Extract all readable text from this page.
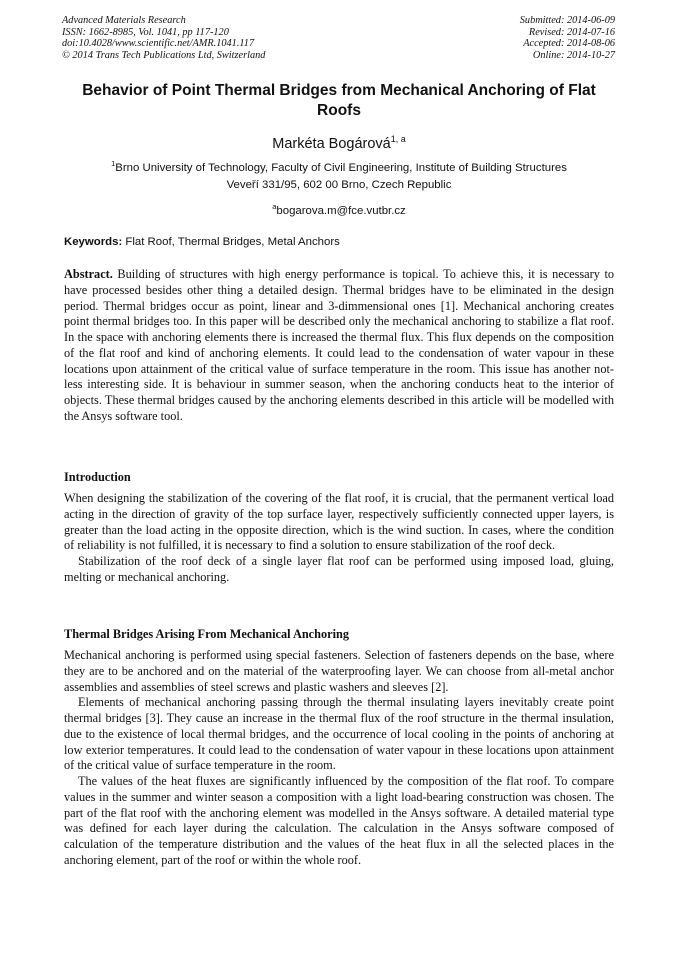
Advanced Materials Research
ISSN: 1662-8985, Vol. 1041, pp 117-120
doi:10.4028/www.scientific.net/AMR.1041.117
© 2014 Trans Tech Publications Ltd, Switzerland
Submitted: 2014-06-09
Revised: 2014-07-16
Accepted: 2014-08-06
Online: 2014-10-27
Behavior of Point Thermal Bridges from Mechanical Anchoring of Flat Roofs
Markéta Bogárová$^{1, a}$
$^1$Brno University of Technology, Faculty of Civil Engineering, Institute of Building Structures
Veveří 331/95, 602 00 Brno, Czech Republic
$^a$bogarova.m@fce.vutbr.cz
Keywords: Flat Roof, Thermal Bridges, Metal Anchors

Abstract. Building of structures with high energy performance is topical. To achieve this, it is necessary to have processed besides other thing a detailed design. Thermal bridges have to be eliminated in the design period. Thermal bridges occur as point, linear and 3-dimmensional ones [1]. Mechanical anchoring creates point thermal bridges too. In this paper will be described only the mechanical anchoring to stabilize a flat roof. In the space with anchoring elements there is increased the thermal flux. This flux depends on the composition of the flat roof and kind of anchoring elements. It could lead to the condensation of water vapour in these locations upon attainment of the critical value of surface temperature in the room. This issue has another not-less interesting side. It is behaviour in summer season, when the anchoring conducts heat to the interior of objects. These thermal bridges caused by the anchoring elements described in this article will be modelled with the Ansys software tool.

Introduction

When designing the stabilization of the covering of the flat roof, it is crucial, that the permanent vertical load acting in the direction of gravity of the top surface layer, respectively sufficiently connected upper layers, is greater than the load acting in the opposite direction, which is the wind suction. In cases, where the condition of reliability is not fulfilled, it is necessary to find a solution to ensure stabilization of the roof deck.

Stabilization of the roof deck of a single layer flat roof can be performed using imposed load, gluing, melting or mechanical anchoring.

Thermal Bridges Arising From Mechanical Anchoring

Mechanical anchoring is performed using special fasteners. Selection of fasteners depends on the base, where they are to be anchored and on the material of the waterproofing layer. We can choose from all-metal anchor assemblies and assemblies of steel screws and plastic washers and sleeves [2].

Elements of mechanical anchoring passing through the thermal insulating layers inevitably create point thermal bridges [3]. They cause an increase in the thermal flux of the roof structure in the thermal insulation, due to the existence of local thermal bridges, and the occurrence of local cooling in the points of anchoring at low exterior temperatures. It could lead to the condensation of water vapour in these locations upon attainment of the critical value of surface temperature in the room.

The values of the heat fluxes are significantly influenced by the composition of the flat roof. To compare values in the summer and winter season a composition with a light load-bearing construction was chosen. The part of the flat roof with the anchoring element was modelled in the Ansys software. A detailed material type was defined for each layer during the calculation. The calculation in the Ansys software composed of calculation of the temperature distribution and the values of the heat flux in all the selected places in the anchoring element, part of the roof or within the whole roof.
